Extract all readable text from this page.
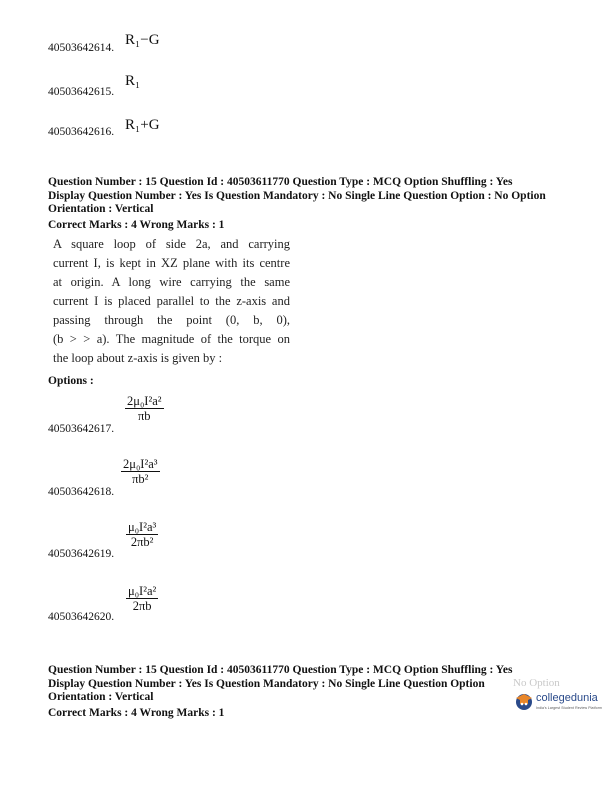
R₁−G
40503642614.
R₁
40503642615.
R₁+G
40503642616.
Question Number : 15 Question Id : 40503611770 Question Type : MCQ Option Shuffling : Yes
Display Question Number : Yes Is Question Mandatory : No Single Line Question Option : No Option
Orientation : Vertical
Correct Marks : 4 Wrong Marks : 1
A square loop of side 2a, and carrying
current I, is kept in XZ plane with its centre
at origin. A long wire carrying the same
current I is placed parallel to the z-axis and
passing through the point (0, b, 0),
(b > > a). The magnitude of the torque on
the loop about z-axis is given by :
Options :
$\frac{\text{2μ₀I²a²}}{\pi b}$
40503642617.
$\frac{\text{2μ₀I²a³}}{\text{πb²}}$
40503642618.
$\frac{\text{μ₀I²a³}}{\text{2πb²}}$
40503642619.
$\frac{\text{μ₀I²a²}}{2\pi b}$
40503642620.
Question Number : 15 Question Id : 40503611770 Question Type : MCQ Option Shuffling : Yes
Display Question Number : Yes Is Question Mandatory : No Single Line Question Option
Orientation : Vertical
Correct Marks : 4 Wrong Marks : 1
No Option
collegedunia
India's Largest Student Review Platform
